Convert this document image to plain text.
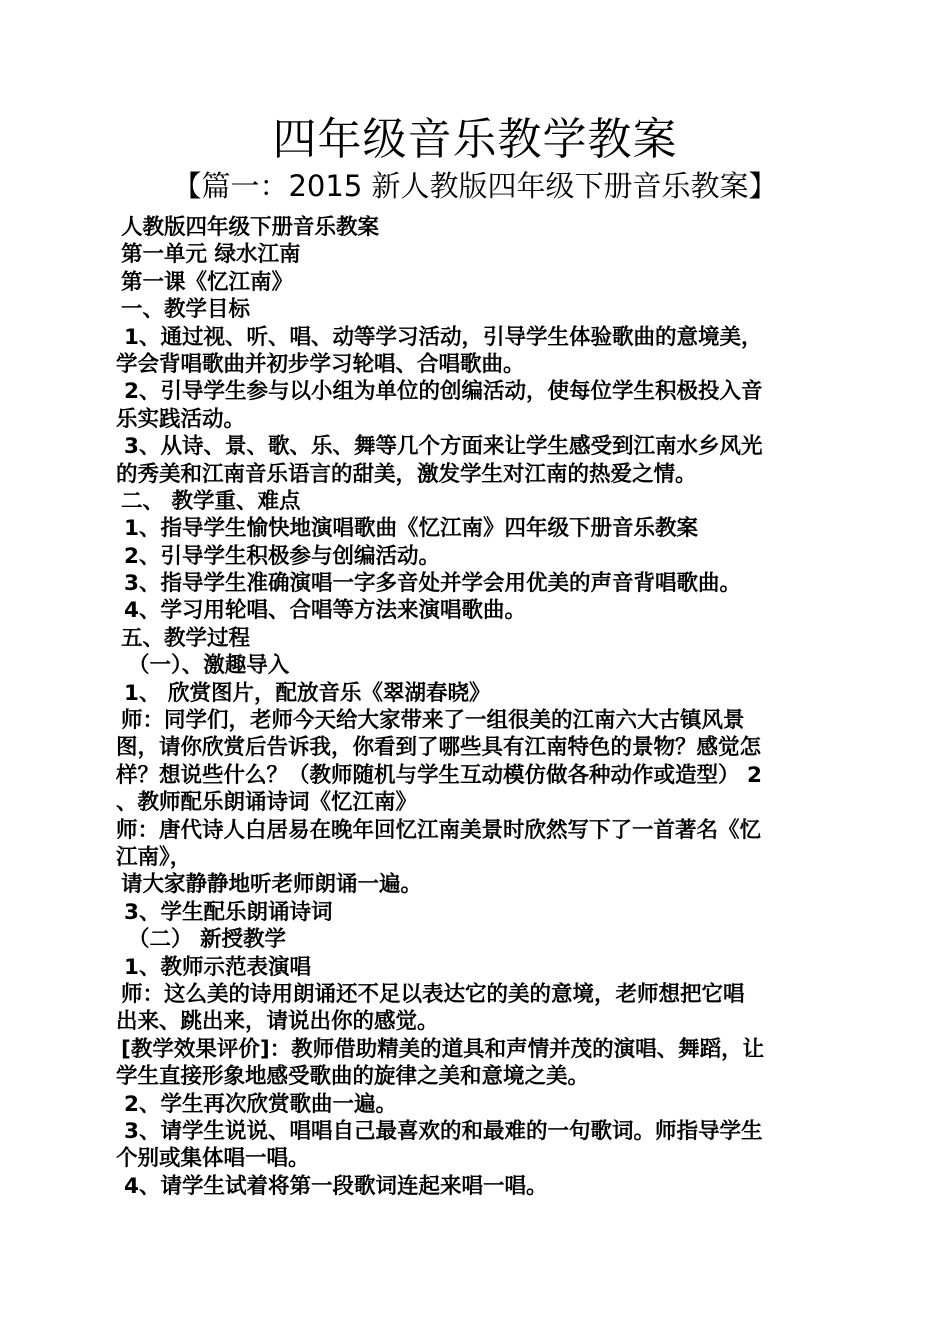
四年级音乐教学教案
【篇一：2015 新人教版四年级下册音乐教案】
人教版四年级下册音乐教案
第一单元 绿水江南
第一课《忆江南》
一、教学目标
1、通过视、听、唱、动等学习活动，引导学生体验歌曲的意境美，
学会背唱歌曲并初步学习轮唱、合唱歌曲。
2、引导学生参与以小组为单位的创编活动，使每位学生积极投入音
乐实践活动。
3、从诗、景、歌、乐、舞等几个方面来让学生感受到江南水乡风光
的秀美和江南音乐语言的甜美，激发学生对江南的热爱之情。
二、 教学重、难点
1、指导学生愉快地演唱歌曲《忆江南》四年级下册音乐教案
2、引导学生积极参与创编活动。
3、指导学生准确演唱一字多音处并学会用优美的声音背唱歌曲。
4、学习用轮唱、合唱等方法来演唱歌曲。
五、教学过程
（一）、激趣导入
1、 欣赏图片，配放音乐《翠湖春晓》
师：同学们，老师今天给大家带来了一组很美的江南六大古镇风景
图，请你欣赏后告诉我，你看到了哪些具有江南特色的景物？感觉怎
样？想说些什么？（教师随机与学生互动模仿做各种动作或造型） 2
、教师配乐朗诵诗词《忆江南》
师：唐代诗人白居易在晚年回忆江南美景时欣然写下了一首著名《忆
江南》，
请大家静静地听老师朗诵一遍。
3、学生配乐朗诵诗词
（二） 新授教学
1、教师示范表演唱
师：这么美的诗用朗诵还不足以表达它的美的意境，老师想把它唱
出来、跳出来，请说出你的感觉。
[教学效果评价]：教师借助精美的道具和声情并茂的演唱、舞蹈，让
学生直接形象地感受歌曲的旋律之美和意境之美。
2、学生再次欣赏歌曲一遍。
3、请学生说说、唱唱自己最喜欢的和最难的一句歌词。师指导学生
个别或集体唱一唱。
4、请学生试着将第一段歌词连起来唱一唱。
